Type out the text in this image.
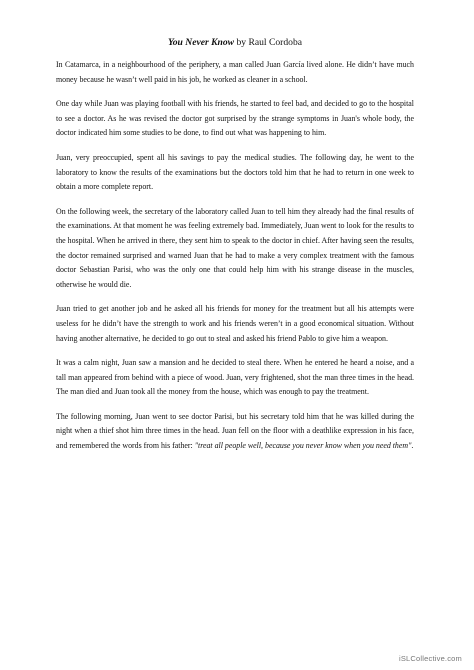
You Never Know by Raul Cordoba

In Catamarca, in a neighbourhood of the periphery, a man called Juan García lived alone. He didn’t have much money because he wasn’t well paid in his job, he worked as cleaner in a school.

One day while Juan was playing football with his friends, he started to feel bad, and decided to go to the hospital to see a doctor. As he was revised the doctor got surprised by the strange symptoms in Juan's whole body, the doctor indicated him some studies to be done, to find out what was happening to him.

Juan, very preoccupied, spent all his savings to pay the medical studies. The following day, he went to the laboratory to know the results of the examinations but the doctors told him that he had to return in one week to obtain a more complete report.

On the following week, the secretary of the laboratory called Juan to tell him they already had the final results of the examinations. At that moment he was feeling extremely bad. Immediately, Juan went to look for the results to the hospital. When he arrived in there, they sent him to speak to the doctor in chief. After having seen the results, the doctor remained surprised and warned Juan that he had to make a very complex treatment with the famous doctor Sebastian Parisi, who was the only one that could help him with his strange disease in the muscles, otherwise he would die.

Juan tried to get another job and he asked all his friends for money for the treatment but all his attempts were useless for he didn’t have the strength to work and his friends weren’t in a good economical situation. Without having another alternative, he decided to go out to steal and asked his friend Pablo to give him a weapon.

It was a calm night, Juan saw a mansion and he decided to steal there. When he entered he heard a noise, and a tall man appeared from behind with a piece of wood. Juan, very frightened, shot the man three times in the head. The man died and Juan took all the money from the house, which was enough to pay the treatment.

The following morning, Juan went to see doctor Parisi, but his secretary told him that he was killed during the night when a thief shot him three times in the head. Juan fell on the floor with a deathlike expression in his face, and remembered the words from his father: "treat all people well, because you never know when you need them".

iSLCollective.com
